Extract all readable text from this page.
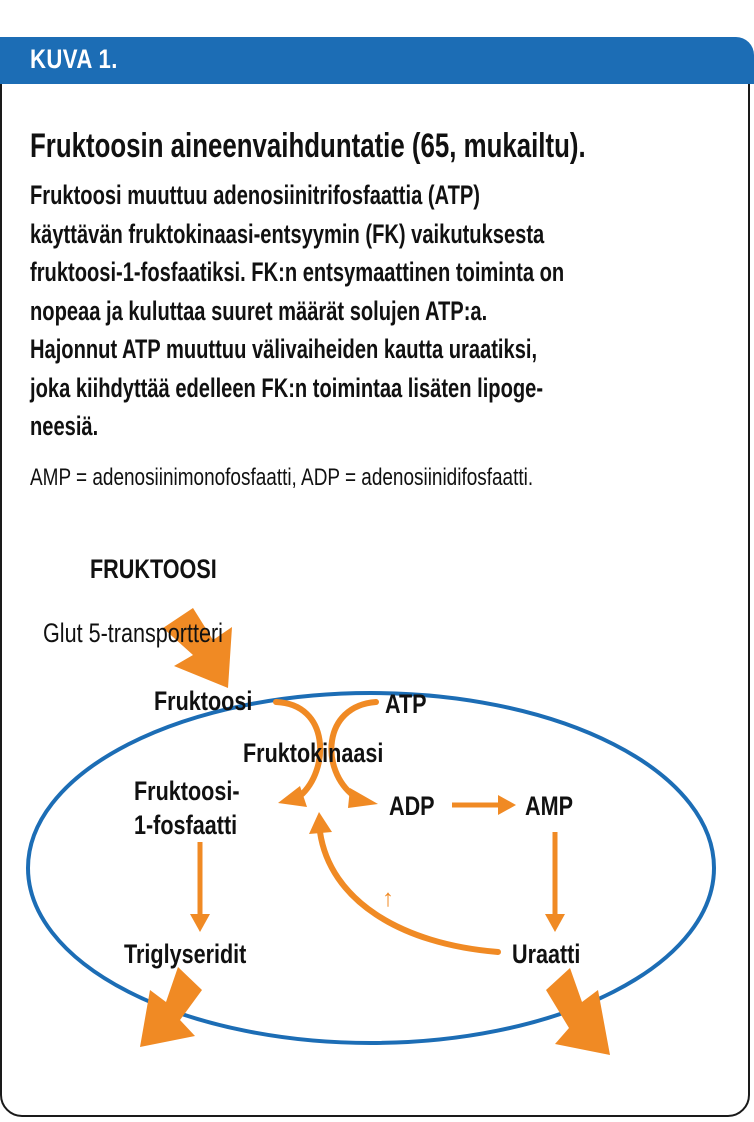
KUVA 1.
Fruktoosin aineenvaihduntatie (65, mukailtu).
Fruktoosi muuttuu adenosiinitrifosfaattia (ATP)
käyttävän fruktokinaasi-entsyymin (FK) vaikutuksesta
fruktoosi-1-fosfaatiksi. FK:n entsymaattinen toiminta on
nopeaa ja kuluttaa suuret määrät solujen ATP:a.
Hajonnut ATP muuttuu välivaiheiden kautta uraatiksi,
joka kiihdyttää edelleen FK:n toimintaa lisäten lipoge-
neesiä.
AMP = adenosiinimonofosfaatti, ADP = adenosiinidifosfaatti.
FRUKTOOSI
Glut 5-transportteri
Fruktoosi	ATP
Fruktokinaasi
Fruktoosi-
1-fosfaatti
ADP	AMP
Triglyseridit	Uraatti
↑
